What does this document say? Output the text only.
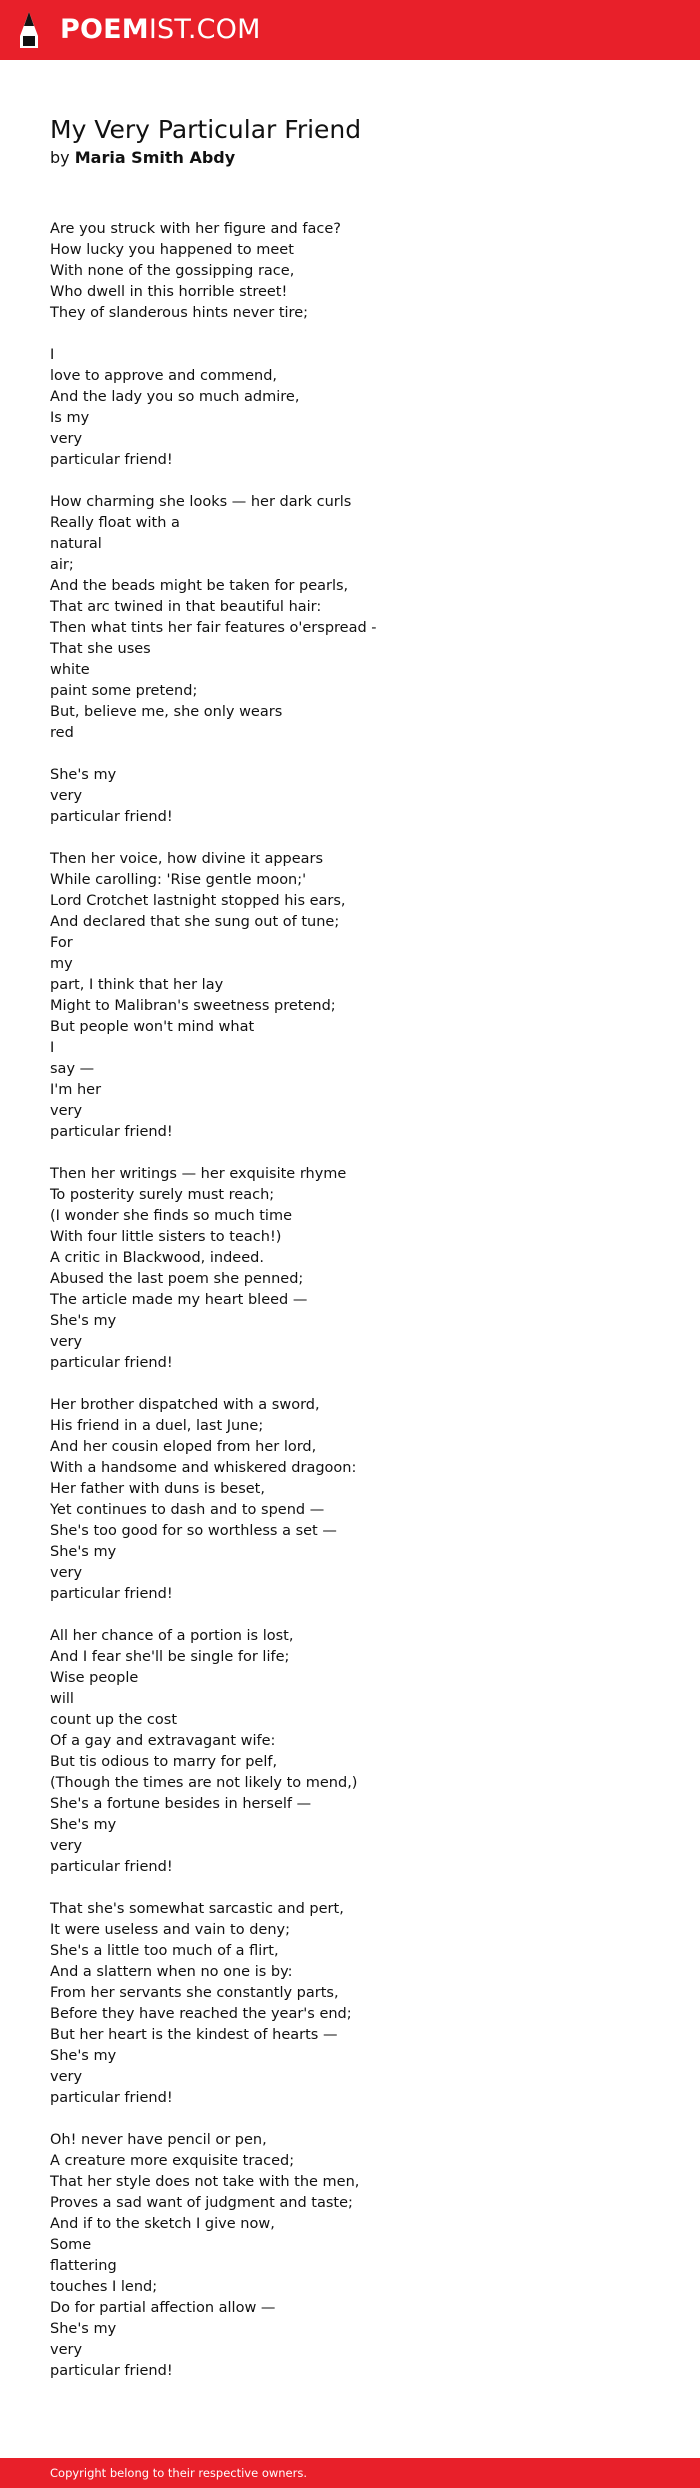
POEMIST.COM
My Very Particular Friend
by Maria Smith Abdy
Are you struck with her figure and face?
How lucky you happened to meet
With none of the gossipping race,
Who dwell in this horrible street!
They of slanderous hints never tire;
I
love to approve and commend,
And the lady you so much admire,
Is my
very
particular friend!
How charming she looks — her dark curls
Really float with a
natural
air;
And the beads might be taken for pearls,
That arc twined in that beautiful hair:
Then what tints her fair features o'erspread -
That she uses
white
paint some pretend;
But, believe me, she only wears
red
She's my
very
particular friend!
Then her voice, how divine it appears
While carolling: 'Rise gentle moon;'
Lord Crotchet lastnight stopped his ears,
And declared that she sung out of tune;
For
my
part, I think that her lay
Might to Malibran's sweetness pretend;
But people won't mind what
I
say —
I'm her
very
particular friend!
Then her writings — her exquisite rhyme
To posterity surely must reach;
(I wonder she finds so much time
With four little sisters to teach!)
A critic in Blackwood, indeed.
Abused the last poem she penned;
The article made my heart bleed —
She's my
very
particular friend!
Her brother dispatched with a sword,
His friend in a duel, last June;
And her cousin eloped from her lord,
With a handsome and whiskered dragoon:
Her father with duns is beset,
Yet continues to dash and to spend —
She's too good for so worthless a set —
She's my
very
particular friend!
All her chance of a portion is lost,
And I fear she'll be single for life;
Wise people
will
count up the cost
Of a gay and extravagant wife:
But tis odious to marry for pelf,
(Though the times are not likely to mend,)
She's a fortune besides in herself —
She's my
very
particular friend!
That she's somewhat sarcastic and pert,
It were useless and vain to deny;
She's a little too much of a flirt,
And a slattern when no one is by:
From her servants she constantly parts,
Before they have reached the year's end;
But her heart is the kindest of hearts —
She's my
very
particular friend!
Oh! never have pencil or pen,
A creature more exquisite traced;
That her style does not take with the men,
Proves a sad want of judgment and taste;
And if to the sketch I give now,
Some
flattering
touches I lend;
Do for partial affection allow —
She's my
very
particular friend!
Copyright belong to their respective owners.
